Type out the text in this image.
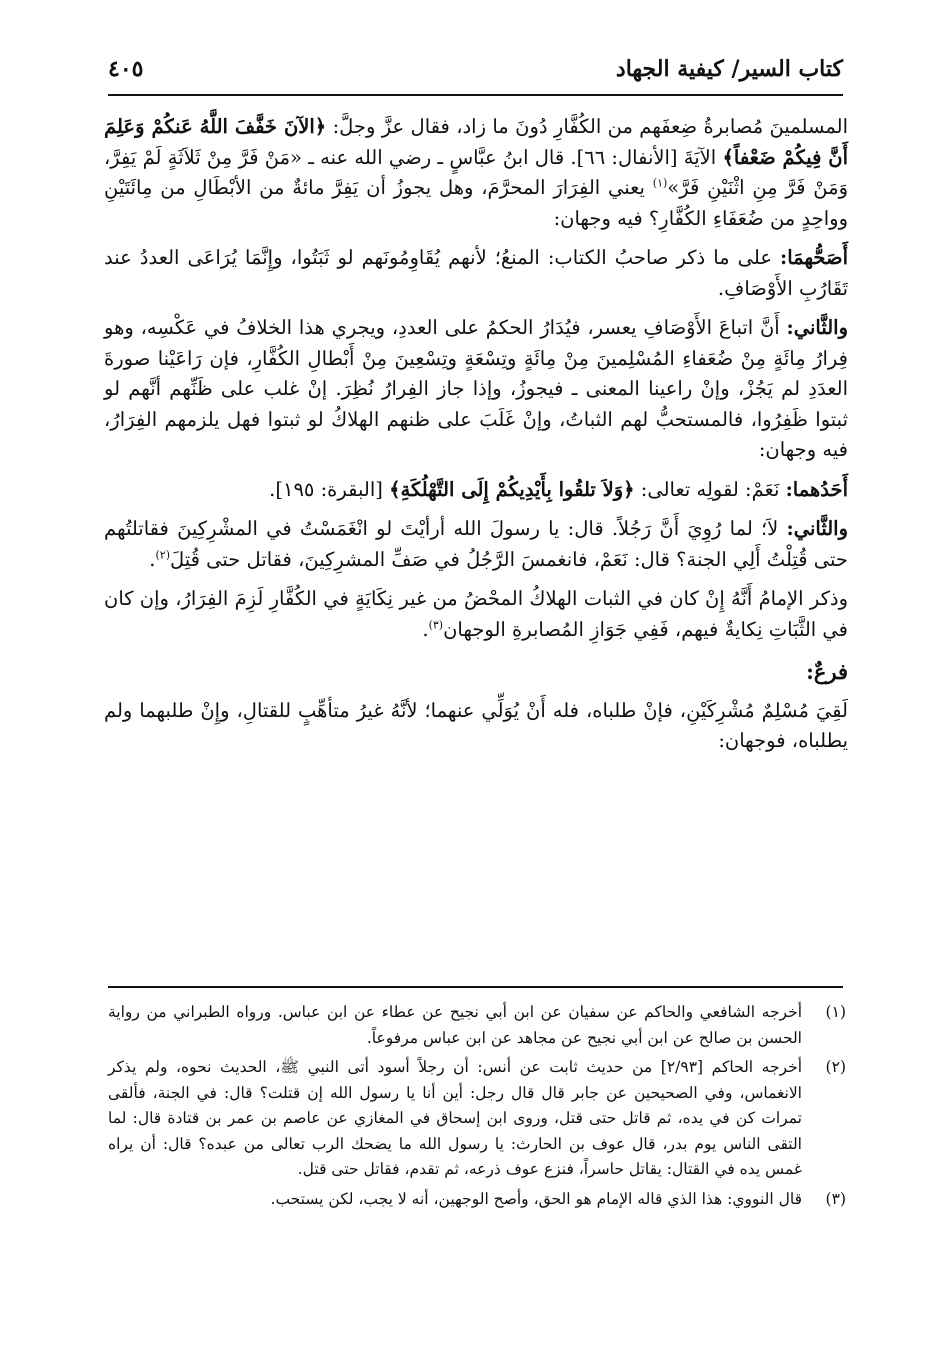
كتاب السير/ كيفية الجهاد
٤٠٥

المسلمينَ مُصابرةُ ضِعفَهم من الكُفَّارِ دُونَ ما زاد، فقال عزَّ وجلَّ: ﴿الآنَ خَفَّفَ اللَّهُ عَنكُمْ وَعَلِمَ أَنَّ فِيكُمْ ضَعْفاً﴾ الآيَةَ [الأنفال: ٦٦]. قال ابنُ عبَّاسٍ ـ رضي الله عنه ـ «مَنْ فَرَّ مِنْ ثَلاَثَةٍ لَمْ يَفِرَّ، وَمَنْ فَرَّ مِنِ اثْنَيْنِ فَرَّ»$^{(١)}$ يعني الفِرَارَ المحرَّمَ، وهل يجوزُ أن يَفِرَّ مائةٌ من الأبْطَالِ من مِائَتَيْنِ وواحِدٍ من ضُعَفَاءِ الكُفَّارِ؟ فيه وجهان:

أَصَحُّهمَا: على ما ذكر صاحبُ الكتاب: المنعُ؛ لأنهم يُقَاوِمُونَهم لو ثَبَتُوا، وإِنَّمَا يُرَاعَى العددُ عند تَقَارُبِ الأَوْصَافِ.

والثَّاني: أَنَّ اتباعَ الأَوْصَافِ يعسر، فيُدَارُ الحكمُ على العددِ، ويجري هذا الخلافُ في عَكْسِه، وهو فِرارُ مِائَةٍ مِنْ ضُعَفاءِ المُسْلِمينَ مِنْ مِائَةٍ وتِسْعَةٍ وتِسْعِينَ مِنْ أَبْطالِ الكُفَّارِ، فإن رَاعَيْنا صورةَ العدَدِ لم يَجُزْ، وإنْ راعينا المعنى ـ فيجوزُ، وإذا جاز الفِرارُ نُظِرَ. إنْ غلب على ظَنِّهم أنَّهم لو ثبتوا ظَفِرُوا، فالمستحبُّ لهم الثباتُ، وإنْ غَلَبَ على ظنهم الهلاكُ لو ثبتوا فهل يلزمهم الفِرَارُ، فيه وجهان:

أَحَدُهما: نَعَمْ: لقولِه تعالى: ﴿وَلاَ تلقُوا بِأَيْدِيكُمْ إِلَى التَّهْلُكَةِ﴾ [البقرة: ١٩٥].

والثَّاني: لاَ؛ لما رُوِيَ أَنَّ رَجُلاً. قال: يا رسولَ الله أرأيْتَ لو انْغَمَسْتُ في المشْرِكِينَ فقاتلتُهم حتى قُتِلْتُ أَلِي الجنة؟ قال: نَعَمْ، فانغمسَ الرَّجُلُ في صَفِّ المشرِكِينَ، فقاتل حتى قُتِلَ$^{(٢)}$.

وذكر الإمامُ أَنَّهُ إِنْ كان في الثبات الهلاكُ المحْضُ من غير نِكَايَةٍ في الكُفَّارِ لَزِمَ الفِرَارُ، وإن كان في الثَّبَاتِ نِكايةٌ فيهم، فَفِي جَوَازِ المُصابرةِ الوجهان$^{(٣)}$.

فرعٌ:

لَقِيَ مُسْلِمٌ مُشْرِكَيْنِ، فإنْ طلباه، فله أَنْ يُوَلِّي عنهما؛ لأنَّهُ غيرُ متأهِّبٍ للقتالِ، وإِنْ طلبهما ولم يطلباه، فوجهان:

(١)
أخرجه الشافعي والحاكم عن سفيان عن ابن أبي نجيح عن عطاء عن ابن عباس. ورواه الطبراني من رواية الحسن بن صالح عن ابن أبي نجيح عن مجاهد عن ابن عباس مرفوعاً.
(٢)
أخرجه الحاكم [٢/٩٣] من حديث ثابت عن أنس: أن رجلاً أسود أتى النبي ﷺ، الحديث نحوه، ولم يذكر الانغماس، وفي الصحيحين عن جابر قال قال رجل: أين أنا يا رسول الله إن قتلت؟ قال: في الجنة، فألقى تمرات كن في يده، ثم قاتل حتى قتل، وروى ابن إسحاق في المغازي عن عاصم بن عمر بن قتادة قال: لما التقى الناس يوم بدر، قال عوف بن الحارث: يا رسول الله ما يضحك الرب تعالى من عبده؟ قال: أن يراه غمس يده في القتال: يقاتل حاسراً، فنزع عوف ذرعه، ثم تقدم، فقاتل حتى قتل.
(٣)
قال النووي: هذا الذي قاله الإمام هو الحق، وأصح الوجهين، أنه لا يجب، لكن يستحب.
